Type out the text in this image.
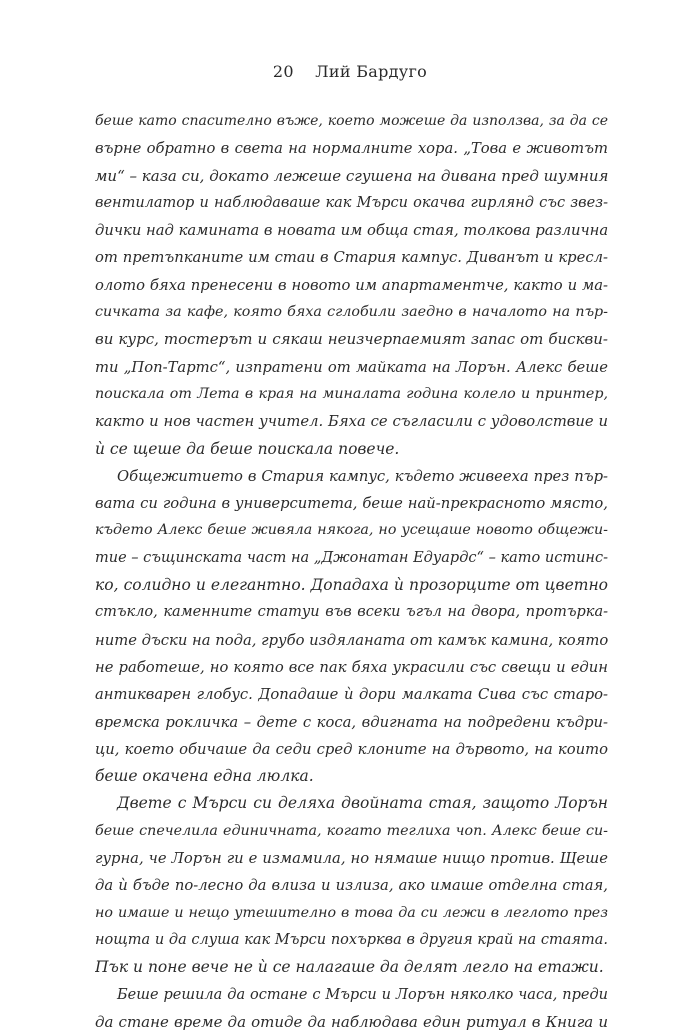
20 Лий Бардуго
беше като спасително въже, което можеше да използва, за да се
върне обратно в света на нормалните хора. „Това е животът
ми“ – каза си, докато лежеше сгушена на дивана пред шумния
вентилатор и наблюдаваше как Мърси окачва гирлянд със звез-
дички над камината в новата им обща стая, толкова различна
от претъпканите им стаи в Стария кампус. Диванът и кресл-
олото бяха пренесени в новото им апартаментче, както и ма-
сичката за кафе, която бяха сглобили заедно в началото на пър-
ви курс, тостерът и сякаш неизчерпаемият запас от бискви-
ти „Поп-Тартс“, изпратени от майката на Лорън. Алекс беше
поискала от Лета в края на миналата година колело и принтер,
както и нов частен учител. Бяха се съгласили с удоволствие и
ѝ се щеше да беше поискала повече.
Общежитието в Стария кампус, където живееха през пър-
вата си година в университета, беше най-прекрасното място,
където Алекс беше живяла някога, но усещаше новото общежи-
тие – същинската част на „Джонатан Едуардс“ – като истинс-
ко, солидно и елегантно. Допадаха ѝ прозорците от цветно
стъкло, каменните статуи във всеки ъгъл на двора, протърка-
ните дъски на пода, грубо издяланата от камък камина, която
не работеше, но която все пак бяха украсили със свещи и един
антикварен глобус. Допадаше ѝ дори малката Сива със старо-
времска рокличка – дете с коса, вдигната на подредени къдри-
ци, което обичаше да седи сред клоните на дървото, на които
беше окачена една люлка.
Двете с Мърси си деляха двойната стая, защото Лорън
беше спечелила единичната, когато теглиха чоп. Алекс беше си-
гурна, че Лорън ги е измамила, но нямаше нищо против. Щеше
да ѝ бъде по-лесно да влиза и излиза, ако имаше отделна стая,
но имаше и нещо утешително в това да си лежи в леглото през
нощта и да слуша как Мърси похърква в другия край на стаята.
Пък и поне вече не ѝ се налагаше да делят легло на етажи.
Беше решила да остане с Мърси и Лорън няколко часа, преди
да стане време да отиде да наблюдава един ритуал в Книга и
